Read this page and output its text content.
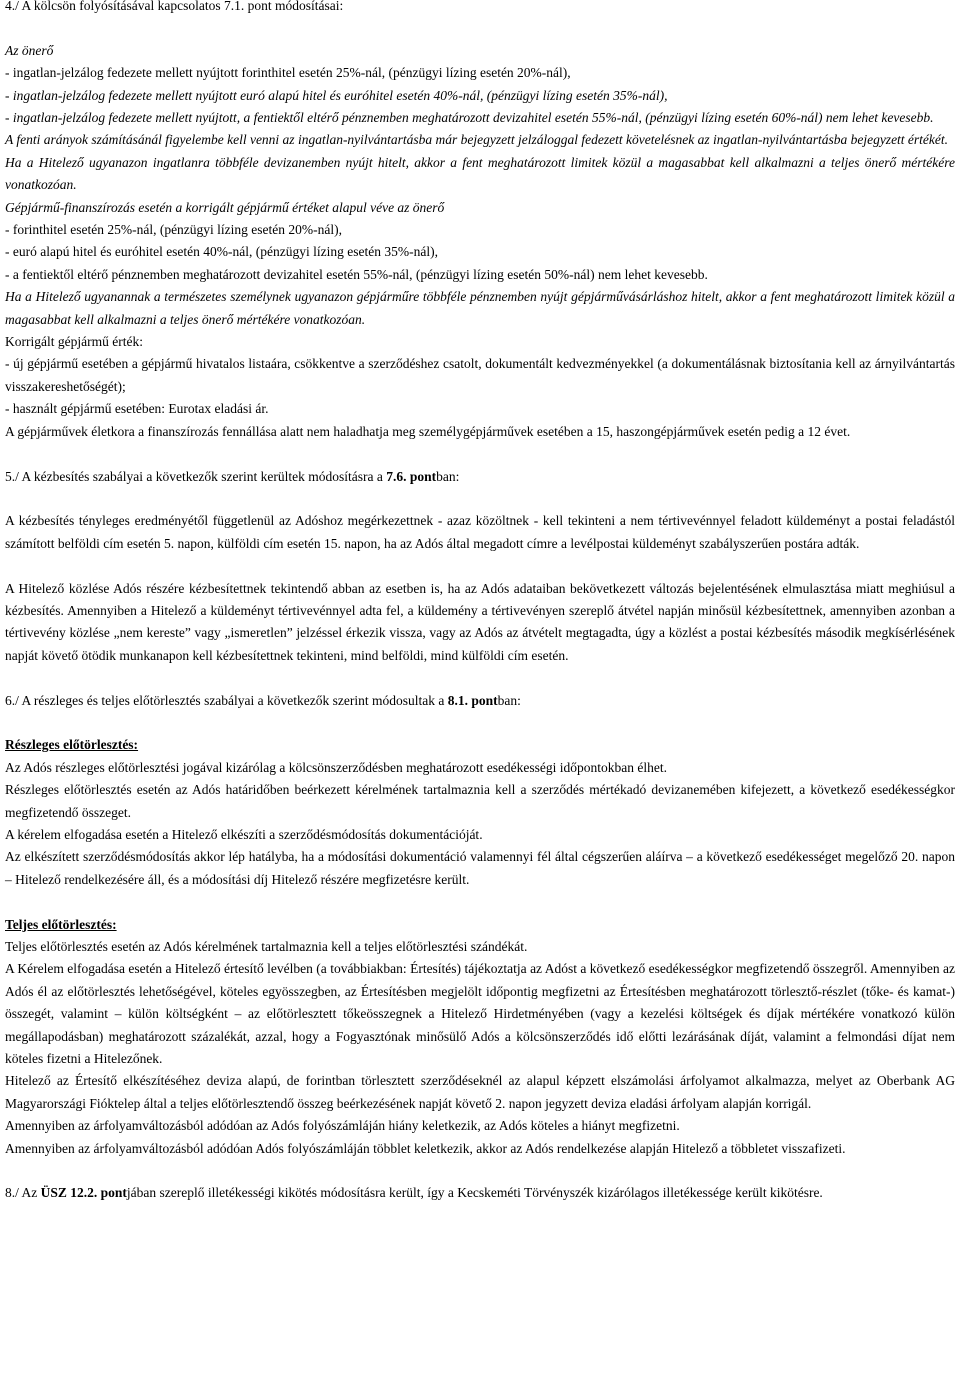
4./ A kölcsön folyósításával kapcsolatos 7.1. pont módosításai:
Az önerő
- ingatlan-jelzálog fedezete mellett nyújtott forinthitel esetén 25%-nál, (pénzügyi lízing esetén 20%-nál),
- ingatlan-jelzálog fedezete mellett nyújtott euró alapú hitel és euróhitel esetén 40%-nál, (pénzügyi lízing esetén 35%-nál),
- ingatlan-jelzálog fedezete mellett nyújtott, a fentiektől eltérő pénznemben meghatározott devizahitel esetén 55%-nál, (pénzügyi lízing esetén 60%-nál) nem lehet kevesebb.
A fenti arányok számításánál figyelembe kell venni az ingatlan-nyilvántartásba már bejegyzett jelzáloggal fedezett követelésnek az ingatlan-nyilvántartásba bejegyzett értékét.
Ha a Hitelező ugyanazon ingatlanra többféle devizanemben nyújt hitelt, akkor a fent meghatározott limitek közül a magasabbat kell alkalmazni a teljes önerő mértékére vonatkozóan.
Gépjármű-finanszírozás esetén a korrigált gépjármű értéket alapul véve az önerő
- forinthitel esetén 25%-nál, (pénzügyi lízing esetén 20%-nál),
- euró alapú hitel és euróhitel esetén 40%-nál, (pénzügyi lízing esetén 35%-nál),
- a fentiektől eltérő pénznemben meghatározott devizahitel esetén 55%-nál, (pénzügyi lízing esetén 50%-nál) nem lehet kevesebb.
Ha a Hitelező ugyanannak a természetes személynek ugyanazon gépjárműre többféle pénznemben nyújt gépjárművásárláshoz hitelt, akkor a fent meghatározott limitek közül a magasabbat kell alkalmazni a teljes önerő mértékére vonatkozóan.
Korrigált gépjármű érték:
- új gépjármű esetében a gépjármű hivatalos listaára, csökkentve a szerződéshez csatolt, dokumentált kedvezményekkel (a dokumentálásnak biztosítania kell az árnyilvántartás visszakereshetőségét);
- használt gépjármű esetében: Eurotax eladási ár.
A gépjárművek életkora a finanszírozás fennállása alatt nem haladhatja meg személygépjárművek esetében a 15, haszongépjárművek esetén pedig a 12 évet.
5./ A kézbesítés szabályai a következők szerint kerültek módosításra a 7.6. pontban:
A kézbesítés tényleges eredményétől függetlenül az Adóshoz megérkezettnek - azaz közöltnek - kell tekinteni a nem tértivevénnyel feladott küldeményt a postai feladástól számított belföldi cím esetén 5. napon, külföldi cím esetén 15. napon, ha az Adós által megadott címre a levélpostai küldeményt szabályszerűen postára adták.
A Hitelező közlése Adós részére kézbesítettnek tekintendő abban az esetben is, ha az Adós adataiban bekövetkezett változás bejelentésének elmulasztása miatt meghiúsul a kézbesítés. Amennyiben a Hitelező a küldeményt tértivevénnyel adta fel, a küldemény a tértivevényen szereplő átvétel napján minősül kézbesítettnek, amennyiben azonban a tértivevény közlése „nem kereste” vagy „ismeretlen” jelzéssel érkezik vissza, vagy az Adós az átvételt megtagadta, úgy a közlést a postai kézbesítés második megkísérlésének napját követő ötödik munkanapon kell kézbesítettnek tekinteni, mind belföldi, mind külföldi cím esetén.
6./ A részleges és teljes előtörlesztés szabályai a következők szerint módosultak a 8.1. pontban:
Részleges előtörlesztés:
Az Adós részleges előtörlesztési jogával kizárólag a kölcsönszerződésben meghatározott esedékességi időpontokban élhet.
Részleges előtörlesztés esetén az Adós határidőben beérkezett kérelmének tartalmaznia kell a szerződés mértékadó devizanemében kifejezett, a következő esedékességkor megfizetendő összeget.
A kérelem elfogadása esetén a Hitelező elkészíti a szerződésmódosítás dokumentációját.
Az elkészített szerződésmódosítás akkor lép hatályba, ha a módosítási dokumentáció valamennyi fél által cégszerűen aláírva – a következő esedékességet megelőző 20. napon – Hitelező rendelkezésére áll, és a módosítási díj Hitelező részére megfizetésre került.
Teljes előtörlesztés:
Teljes előtörlesztés esetén az Adós kérelmének tartalmaznia kell a teljes előtörlesztési szándékát.
A Kérelem elfogadása esetén a Hitelező értesítő levélben (a továbbiakban: Értesítés) tájékoztatja az Adóst a következő esedékességkor megfizetendő összegről. Amennyiben az Adós él az előtörlesztés lehetőségével, köteles egyösszegben, az Értesítésben megjelölt időpontig megfizetni az Értesítésben meghatározott törlesztő-részlet (tőke- és kamat-) összegét, valamint – külön költségként – az előtörlesztett tőkeösszegnek a Hitelező Hirdetményében (vagy a kezelési költségek és díjak mértékére vonatkozó külön megállapodásban) meghatározott százalékát, azzal, hogy a Fogyasztónak minősülő Adós a kölcsönszerződés idő előtti lezárásának díját, valamint a felmondási díjat nem köteles fizetni a Hitelezőnek.
Hitelező az Értesítő elkészítéséhez deviza alapú, de forintban törlesztett szerződéseknél az alapul képzett elszámolási árfolyamot alkalmazza, melyet az Oberbank AG Magyarországi Fióktelep által a teljes előtörlesztendő összeg beérkezésének napját követő 2. napon jegyzett deviza eladási árfolyam alapján korrigál.
Amennyiben az árfolyamváltozásból adódóan az Adós folyószámláján hiány keletkezik, az Adós köteles a hiányt megfizetni.
Amennyiben az árfolyamváltozásból adódóan Adós folyószámláján többlet keletkezik, akkor az Adós rendelkezése alapján Hitelező a többletet visszafizeti.
8./ Az ÜSZ 12.2. pontjában szereplő illetékességi kikötés módosításra került, így a Kecskeméti Törvényszék kizárólagos illetékessége került kikötésre.
